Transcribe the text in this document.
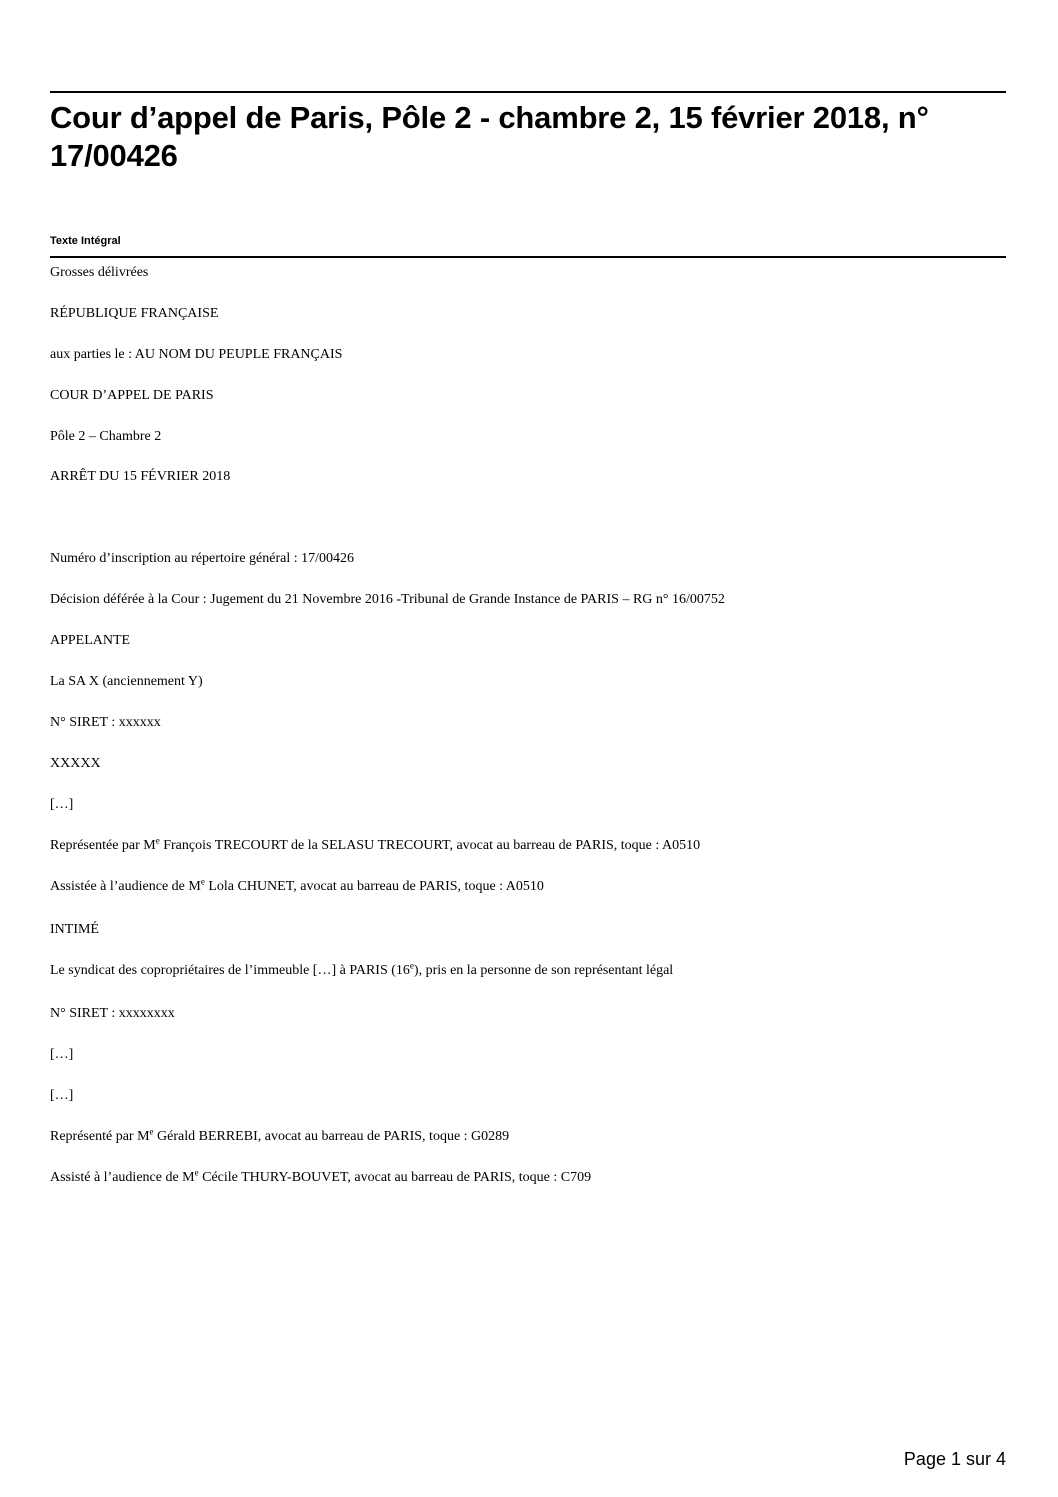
Cour d’appel de Paris, Pôle 2 - chambre 2, 15 février 2018, n° 17/00426

Texte Intégral

Grosses délivrées

RÉPUBLIQUE FRANÇAISE

aux parties le : AU NOM DU PEUPLE FRANÇAIS

COUR D’APPEL DE PARIS

Pôle 2 – Chambre 2

ARRÊT DU 15 FÉVRIER 2018

Numéro d’inscription au répertoire général : 17/00426

Décision déférée à la Cour : Jugement du 21 Novembre 2016 -Tribunal de Grande Instance de PARIS – RG n° 16/00752

APPELANTE

La SA X (anciennement Y)

N° SIRET : xxxxxx

XXXXX

[…]

Représentée par Me François TRECOURT de la SELASU TRECOURT, avocat au barreau de PARIS, toque : A0510

Assistée à l’audience de Me Lola CHUNET, avocat au barreau de PARIS, toque : A0510

INTIMÉ

Le syndicat des copropriétaires de l’immeuble […] à PARIS (16e), pris en la personne de son représentant légal

N° SIRET : xxxxxxxx

[…]

[…]

Représenté par Me Gérald BERREBI, avocat au barreau de PARIS, toque : G0289

Assisté à l’audience de Me Cécile THURY-BOUVET, avocat au barreau de PARIS, toque : C709

Page 1 sur 4
